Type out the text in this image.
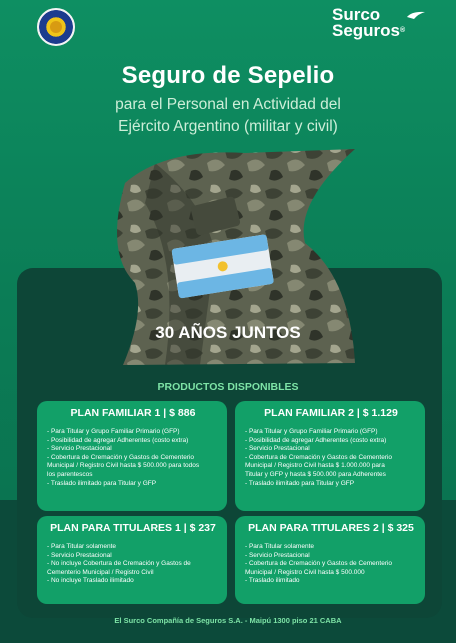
Surco
Seguros®
Seguro de Sepelio
para el Personal en Actividad del
Ejército Argentino (militar y civil)
30 AÑOS JUNTOS
PRODUCTOS DISPONIBLES
PLAN FAMILIAR 1 | $ 886
- Para Titular y Grupo Familiar Primario (GFP)
- Posibilidad de agregar Adherentes (costo extra)
- Servicio Prestacional
- Cobertura de Cremación y Gastos de Cementerio
Municipal / Registro Civil hasta $ 500.000 para todos
los parentescos
- Traslado ilimitado para Titular y GFP
PLAN FAMILIAR 2 | $ 1.129
- Para Titular y Grupo Familiar Primario (GFP)
- Posibilidad de agregar Adherentes (costo extra)
- Servicio Prestacional
- Cobertura de Cremación y Gastos de Cementerio
Municipal / Registro Civil hasta $ 1.000.000 para
Titular y GFP y hasta $ 500.000 para Adherentes
- Traslado ilimitado para Titular y GFP
PLAN PARA TITULARES 1 | $ 237
- Para Titular solamente
- Servicio Prestacional
- No incluye Cobertura de Cremación y Gastos de
Cementerio Municipal / Registro Civil
- No incluye Traslado ilimitado
PLAN PARA TITULARES 2 | $ 325
- Para Titular solamente
- Servicio Prestacional
- Cobertura de Cremación y Gastos de Cementerio
Municipal / Registro Civil hasta $ 500.000
- Traslado ilimitado
El Surco Compañía de Seguros S.A. - Maipú 1300 piso 21 CABA
